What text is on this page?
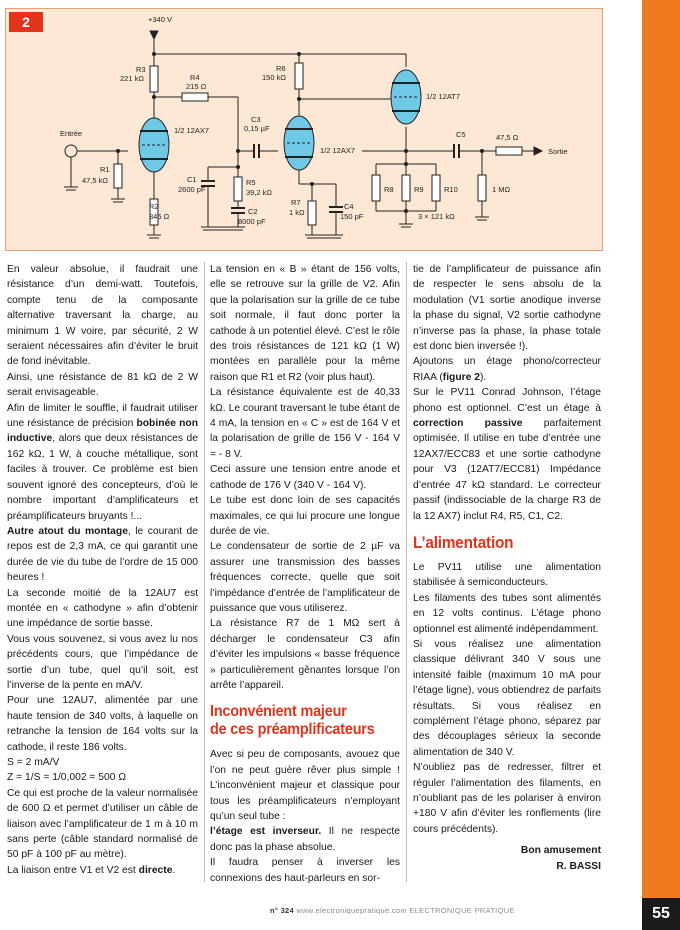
55
2	+340 V
1/2 12AX7
1/2 12AX7
1/2 12AT7
Entrée
Sortie
R3
221 kΩ	R4
215 Ω
R6
150 kΩ
R1
47,5 kΩ
R2
845 Ω
C1
2600 pF
R5
39,2 kΩ
C2
8000 pF
C3
0,15 µF
R7
1 kΩ
C4
150 pF
R8	R9	R10
3 × 121 kΩ
C5	47,5 Ω
1 MΩ

En valeur absolue, il faudrait une résistance d’un demi-watt. Toutefois, compte tenu de la composante alternative traversant la charge, au minimum 1 W voire, par sécurité, 2 W seraient nécessaires afin d’éviter le bruit de fond inévitable.

Ainsi, une résistance de 81 kΩ de 2 W serait envisageable.

Afin de limiter le souffle, il faudrait utiliser une résistance de précision bobinée non inductive, alors que deux résistances de 162 kΩ, 1 W, à couche métallique, sont faciles à trouver. Ce problème est bien souvent ignoré des concepteurs, d’où le nombre important d’amplificateurs et préamplificateurs bruyants !...

Autre atout du montage, le courant de repos est de 2,3 mA, ce qui garantit une durée de vie du tube de l’ordre de 15 000 heures !

La seconde moitié de la 12AU7 est montée en « cathodyne » afin d’obtenir une impédance de sortie basse.

Vous vous souvenez, si vous avez lu nos précédents cours, que l’impédance de sortie d’un tube, quel qu’il soit, est l’inverse de la pente en mA/V.

Pour une 12AU7, alimentée par une haute tension de 340 volts, à laquelle on retranche la tension de 164 volts sur la cathode, il reste 186 volts.

S = 2 mA/V

Z = 1/S = 1/0,002 = 500 Ω

Ce qui est proche de la valeur normalisée de 600 Ω et permet d’utiliser un câble de liaison avec l’amplificateur de 1 m à 10 m sans perte (câble standard normalisé de 50 pF à 100 pF au mètre).

La liaison entre V1 et V2 est directe.

La tension en « B » étant de 156 volts, elle se retrouve sur la grille de V2. Afin que la polarisation sur la grille de ce tube soit normale, il faut donc porter la cathode à un potentiel élevé. C’est le rôle des trois résistances de 121 kΩ (1 W) montées en parallèle pour la même raison que R1 et R2 (voir plus haut).

La résistance équivalente est de 40,33 kΩ. Le courant traversant le tube étant de 4 mA, la tension en « C » est de 164 V et la polarisation de grille de 156 V - 164 V = - 8 V.

Ceci assure une tension entre anode et cathode de 176 V (340 V - 164 V).

Le tube est donc loin de ses capacités maximales, ce qui lui procure une longue durée de vie.

Le condensateur de sortie de 2 µF va assurer une transmission des basses fréquences correcte, quelle que soit l’impédance d’entrée de l’amplificateur de puissance que vous utiliserez.

La résistance R7 de 1 MΩ sert à décharger le condensateur C3 afin d’éviter les impulsions « basse fréquence » particulièrement gênantes lorsque l’on arrête l’appareil.

Inconvénient majeur
de ces préamplificateurs

Avec si peu de composants, avouez que l’on ne peut guère rêver plus simple ! L’inconvénient majeur et classique pour tous les préamplificateurs n’employant qu’un seul tube :

l’étage est inverseur. Il ne respecte donc pas la phase absolue.

Il faudra penser à inverser les connexions des haut-parleurs en sor-

tie de l’amplificateur de puissance afin de respecter le sens absolu de la modulation (V1 sortie anodique inverse la phase du signal, V2 sortie cathodyne n’inverse pas la phase, la phase totale est donc bien inversée !).

Ajoutons un étage phono/correcteur RIAA (figure 2).

Sur le PV11 Conrad Johnson, l’étage phono est optionnel. C’est un étage à correction passive parfaitement optimisée. Il utilise en tube d’entrée une 12AX7/ECC83 et une sortie cathodyne pour V3 (12AT7/ECC81) Impédance d’entrée 47 kΩ standard. Le correcteur passif (indissociable de la charge R3 de la 12 AX7) inclut R4, R5, C1, C2.

L’alimentation

Le PV11 utilise une alimentation stabilisée à semiconducteurs.

Les filaments des tubes sont alimentés en 12 volts continus. L’étage phono optionnel est alimenté indépendamment.

Si vous réalisez une alimentation classique délivrant 340 V sous une intensité faible (maximum 10 mA pour l’étage ligne), vous obtiendrez de parfaits résultats. Si vous réalisez en complément l’étage phono, séparez par des découplages sérieux la seconde alimentation de 340 V.

N’oubliez pas de redresser, filtrer et réguler l’alimentation des filaments, en n’oubliant pas de les polariser à environ +180 V afin d’éviter les ronflements (lire cours précédents).

Bon amusement

R. BASSI

n° 324 www.electroniquepratique.com ELECTRONIQUE PRATIQUE
